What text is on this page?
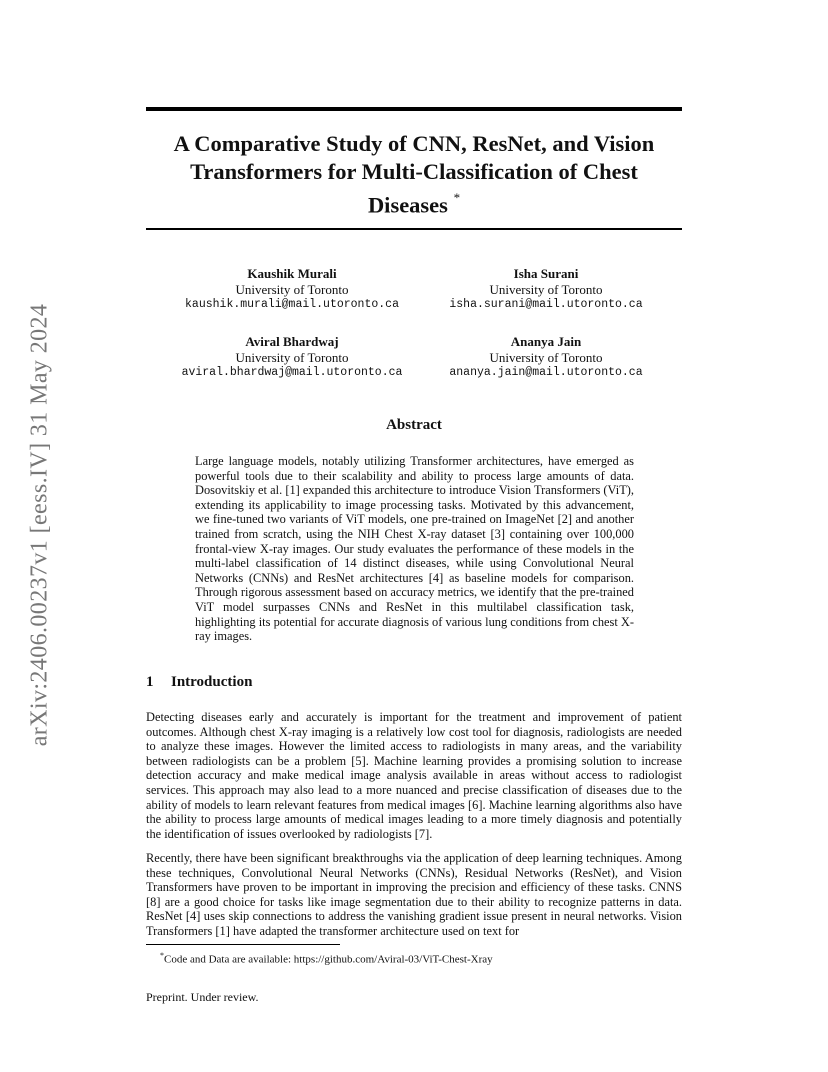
arXiv:2406.00237v1 [eess.IV] 31 May 2024
A Comparative Study of CNN, ResNet, and Vision
Transformers for Multi-Classification of Chest
Diseases *
Kaushik Murali
University of Toronto
kaushik.murali@mail.utoronto.ca
Isha Surani
University of Toronto
isha.surani@mail.utoronto.ca
Aviral Bhardwaj
University of Toronto
aviral.bhardwaj@mail.utoronto.ca
Ananya Jain
University of Toronto
ananya.jain@mail.utoronto.ca
Abstract
Large language models, notably utilizing Transformer architectures, have emerged as powerful tools due to their scalability and ability to process large amounts of data. Dosovitskiy et al. [1] expanded this architecture to introduce Vision Transformers (ViT), extending its applicability to image processing tasks. Motivated by this advancement, we fine-tuned two variants of ViT models, one pre-trained on ImageNet [2] and another trained from scratch, using the NIH Chest X-ray dataset [3] containing over 100,000 frontal-view X-ray images. Our study evaluates the performance of these models in the multi-label classification of 14 distinct diseases, while using Convolutional Neural Networks (CNNs) and ResNet architectures [4] as baseline models for comparison. Through rigorous assessment based on accuracy metrics, we identify that the pre-trained ViT model surpasses CNNs and ResNet in this multilabel classification task, highlighting its potential for accurate diagnosis of various lung conditions from chest X-ray images.
1 Introduction

Detecting diseases early and accurately is important for the treatment and improvement of patient outcomes. Although chest X-ray imaging is a relatively low cost tool for diagnosis, radiologists are needed to analyze these images. However the limited access to radiologists in many areas, and the variability between radiologists can be a problem [5]. Machine learning provides a promising solution to increase detection accuracy and make medical image analysis available in areas without access to radiologist services. This approach may also lead to a more nuanced and precise classification of diseases due to the ability of models to learn relevant features from medical images [6]. Machine learning algorithms also have the ability to process large amounts of medical images leading to a more timely diagnosis and potentially the identification of issues overlooked by radiologists [7].

Recently, there have been significant breakthroughs via the application of deep learning techniques. Among these techniques, Convolutional Neural Networks (CNNs), Residual Networks (ResNet), and Vision Transformers have proven to be important in improving the precision and efficiency of these tasks. CNNS [8] are a good choice for tasks like image segmentation due to their ability to recognize patterns in data. ResNet [4] uses skip connections to address the vanishing gradient issue present in neural networks. Vision Transformers [1] have adapted the transformer architecture used on text for

*Code and Data are available: https://github.com/Aviral-03/ViT-Chest-Xray
Preprint. Under review.
